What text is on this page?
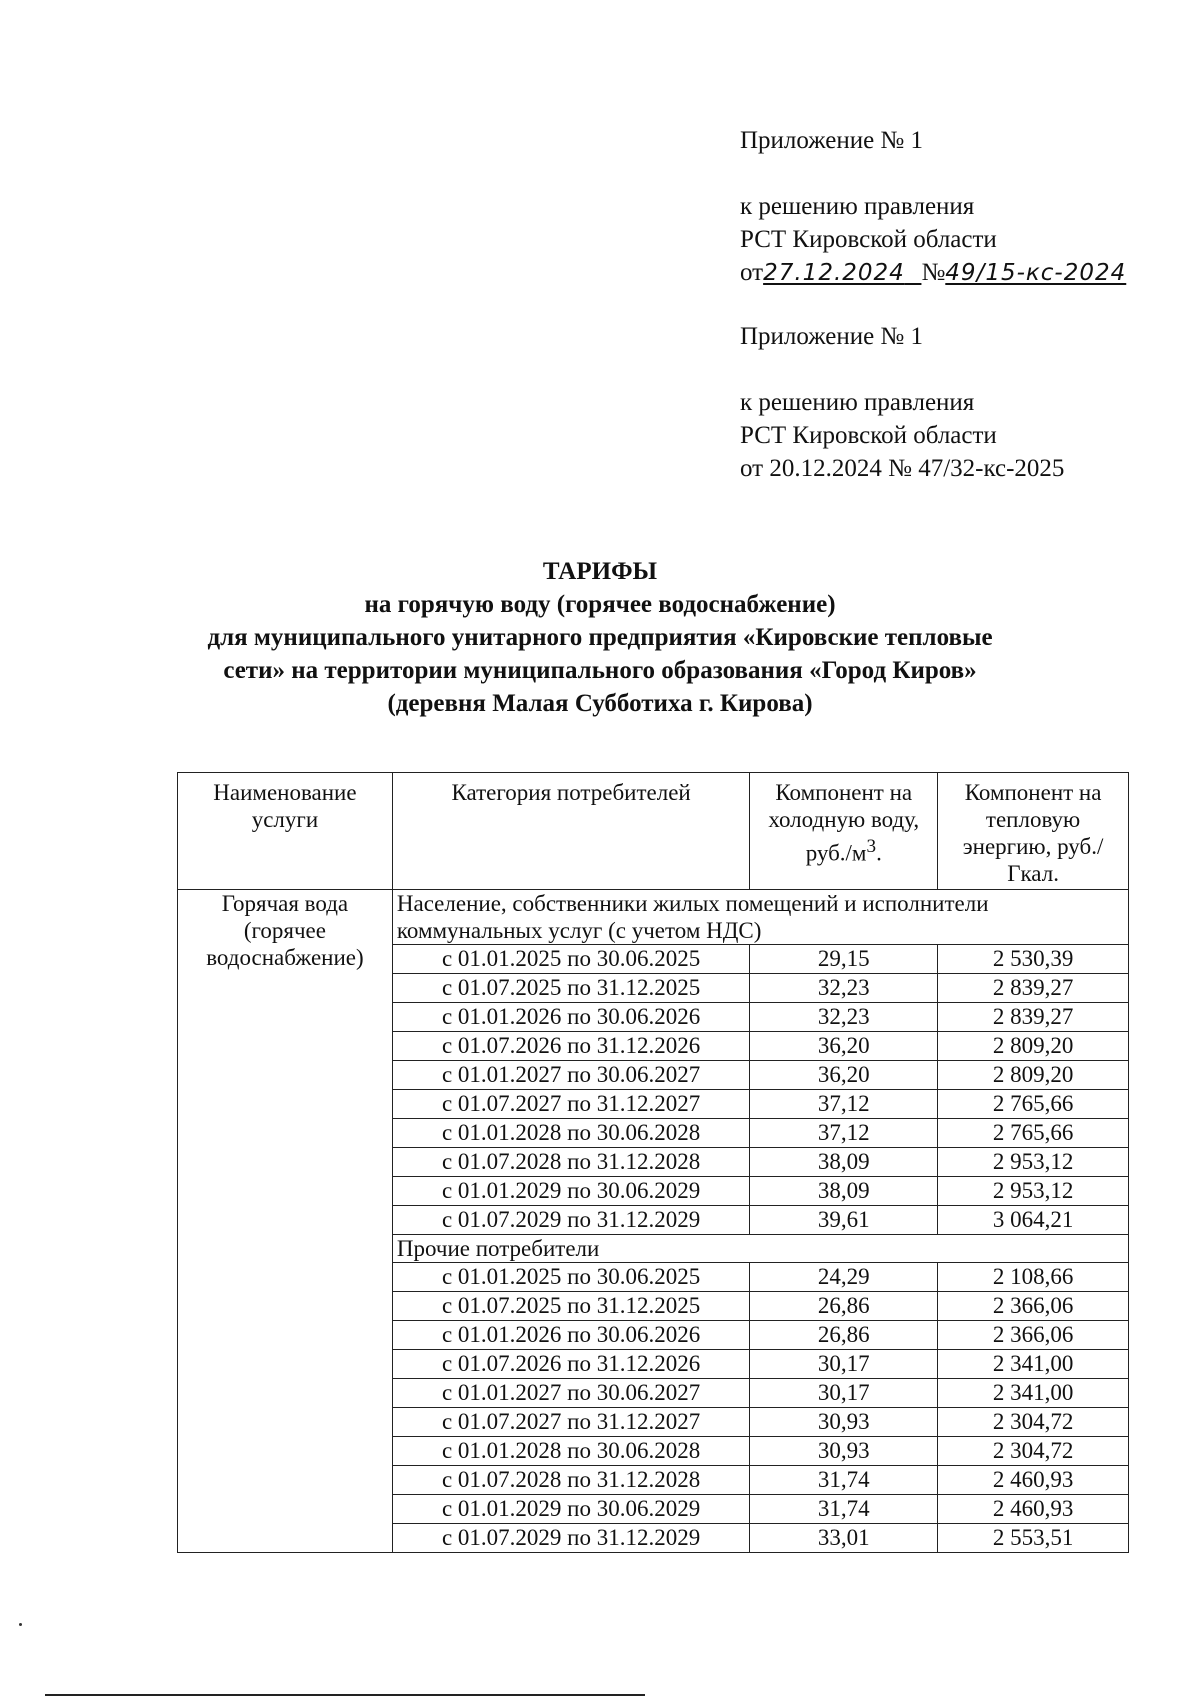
Приложение № 1
к решению правления
РСТ Кировской области
от27.12.2024 №49/15-кс-2024
Приложение № 1
к решению правления
РСТ Кировской области
от 20.12.2024 № 47/32-кс-2025
ТАРИФЫ
на горячую воду (горячее водоснабжение)
для муниципального унитарного предприятия «Кировские тепловые
сети» на территории муниципального образования «Город Киров»
(деревня Малая Субботиха г. Кирова)
Наименование услуги	Категория потребителей	Компонент на холодную воду, $руб./м^3$.	Компонент на тепловую энергию, руб./Гкал.
Горячая вода (горячее водоснабжение)	Население, собственники жилых помещений и исполнители коммунальных услуг (с учетом НДС)		
	с 01.01.2025 по 30.06.2025	29,15	2 530,39
	с 01.07.2025 по 31.12.2025	32,23	2 839,27
	с 01.01.2026 по 30.06.2026	32,23	2 839,27
	с 01.07.2026 по 31.12.2026	36,20	2 809,20
	с 01.01.2027 по 30.06.2027	36,20	2 809,20
	с 01.07.2027 по 31.12.2027	37,12	2 765,66
	с 01.01.2028 по 30.06.2028	37,12	2 765,66
	с 01.07.2028 по 31.12.2028	38,09	2 953,12
	с 01.01.2029 по 30.06.2029	38,09	2 953,12
	с 01.07.2029 по 31.12.2029	39,61	3 064,21
	Прочие потребители		
	с 01.01.2025 по 30.06.2025	24,29	2 108,66
	с 01.07.2025 по 31.12.2025	26,86	2 366,06
	с 01.01.2026 по 30.06.2026	26,86	2 366,06
	с 01.07.2026 по 31.12.2026	30,17	2 341,00
	с 01.01.2027 по 30.06.2027	30,17	2 341,00
	с 01.07.2027 по 31.12.2027	30,93	2 304,72
	с 01.01.2028 по 30.06.2028	30,93	2 304,72
	с 01.07.2028 по 31.12.2028	31,74	2 460,93
	с 01.01.2029 по 30.06.2029	31,74	2 460,93
	с 01.07.2029 по 31.12.2029	33,01	2 553,51
